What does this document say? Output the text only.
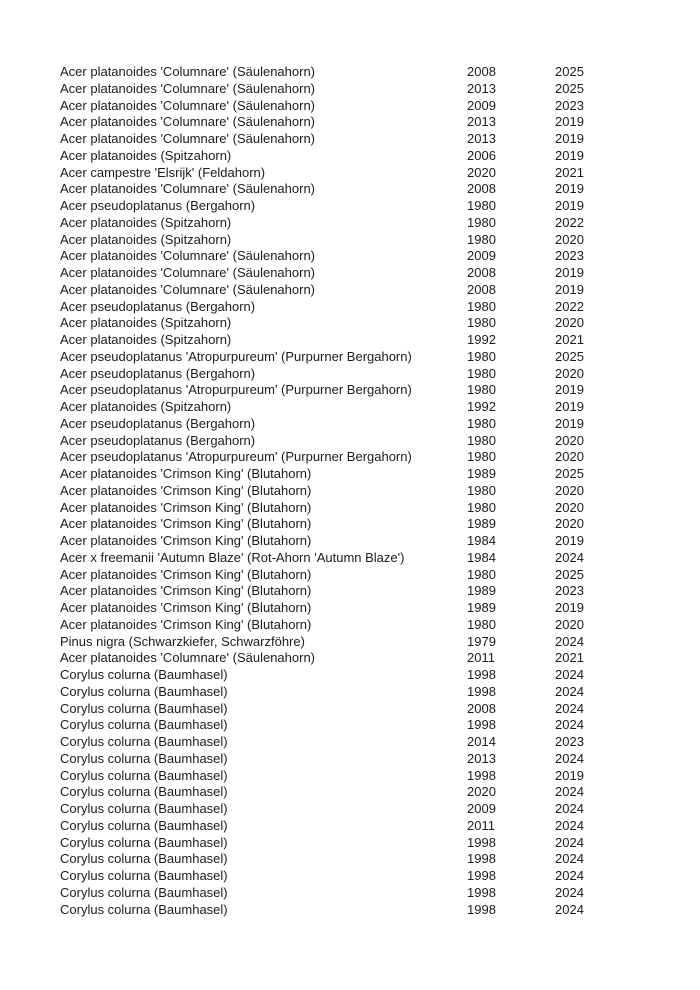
Acer platanoides 'Columnare' (Säulenahorn)	2008	2025
Acer platanoides 'Columnare' (Säulenahorn)	2013	2025
Acer platanoides 'Columnare' (Säulenahorn)	2009	2023
Acer platanoides 'Columnare' (Säulenahorn)	2013	2019
Acer platanoides 'Columnare' (Säulenahorn)	2013	2019
Acer platanoides (Spitzahorn)	2006	2019
Acer campestre 'Elsrijk' (Feldahorn)	2020	2021
Acer platanoides 'Columnare' (Säulenahorn)	2008	2019
Acer pseudoplatanus (Bergahorn)	1980	2019
Acer platanoides (Spitzahorn)	1980	2022
Acer platanoides (Spitzahorn)	1980	2020
Acer platanoides 'Columnare' (Säulenahorn)	2009	2023
Acer platanoides 'Columnare' (Säulenahorn)	2008	2019
Acer platanoides 'Columnare' (Säulenahorn)	2008	2019
Acer pseudoplatanus (Bergahorn)	1980	2022
Acer platanoides (Spitzahorn)	1980	2020
Acer platanoides (Spitzahorn)	1992	2021
Acer pseudoplatanus 'Atropurpureum' (Purpurner Bergahorn)	1980	2025
Acer pseudoplatanus (Bergahorn)	1980	2020
Acer pseudoplatanus 'Atropurpureum' (Purpurner Bergahorn)	1980	2019
Acer platanoides (Spitzahorn)	1992	2019
Acer pseudoplatanus (Bergahorn)	1980	2019
Acer pseudoplatanus (Bergahorn)	1980	2020
Acer pseudoplatanus 'Atropurpureum' (Purpurner Bergahorn)	1980	2020
Acer platanoides 'Crimson King' (Blutahorn)	1989	2025
Acer platanoides 'Crimson King' (Blutahorn)	1980	2020
Acer platanoides 'Crimson King' (Blutahorn)	1980	2020
Acer platanoides 'Crimson King' (Blutahorn)	1989	2020
Acer platanoides 'Crimson King' (Blutahorn)	1984	2019
Acer x freemanii 'Autumn Blaze' (Rot-Ahorn 'Autumn Blaze')	1984	2024
Acer platanoides 'Crimson King' (Blutahorn)	1980	2025
Acer platanoides 'Crimson King' (Blutahorn)	1989	2023
Acer platanoides 'Crimson King' (Blutahorn)	1989	2019
Acer platanoides 'Crimson King' (Blutahorn)	1980	2020
Pinus nigra (Schwarzkiefer, Schwarzföhre)	1979	2024
Acer platanoides 'Columnare' (Säulenahorn)	2011	2021
Corylus colurna (Baumhasel)	1998	2024
Corylus colurna (Baumhasel)	1998	2024
Corylus colurna (Baumhasel)	2008	2024
Corylus colurna (Baumhasel)	1998	2024
Corylus colurna (Baumhasel)	2014	2023
Corylus colurna (Baumhasel)	2013	2024
Corylus colurna (Baumhasel)	1998	2019
Corylus colurna (Baumhasel)	2020	2024
Corylus colurna (Baumhasel)	2009	2024
Corylus colurna (Baumhasel)	2011	2024
Corylus colurna (Baumhasel)	1998	2024
Corylus colurna (Baumhasel)	1998	2024
Corylus colurna (Baumhasel)	1998	2024
Corylus colurna (Baumhasel)	1998	2024
Corylus colurna (Baumhasel)	1998	2024
